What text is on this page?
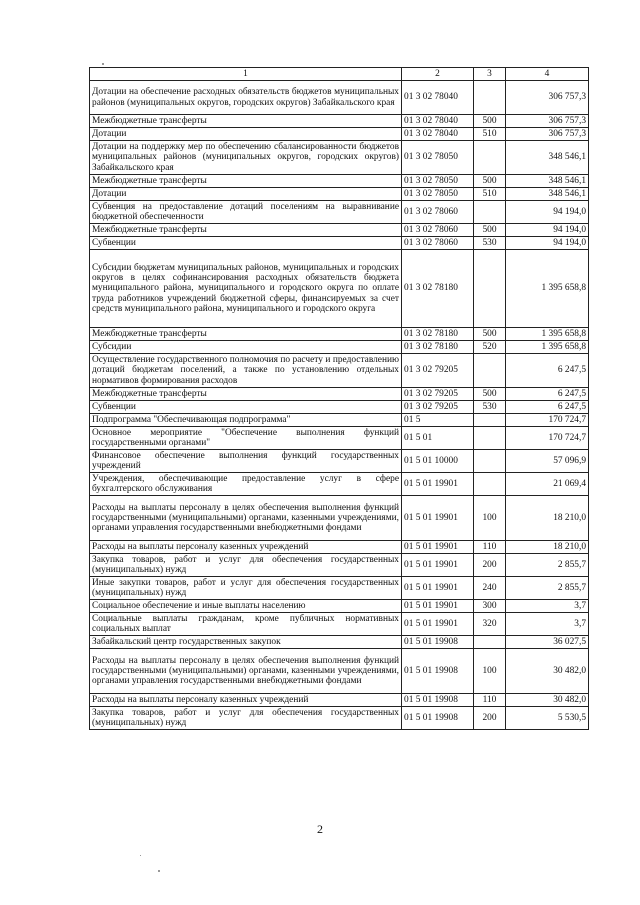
1	2	3	4
Дотации на обеспечение расходных обязательств бюджетов муниципальных районов (муниципальных округов, городских округов) Забайкальского края	01 3 02 78040		306 757,3
Межбюджетные трансферты	01 3 02 78040	500	306 757,3
Дотации	01 3 02 78040	510	306 757,3
Дотации на поддержку мер по обеспечению сбалансированности бюджетов муниципальных районов (муниципальных округов, городских округов) Забайкальского края	01 3 02 78050		348 546,1
Межбюджетные трансферты	01 3 02 78050	500	348 546,1
Дотации	01 3 02 78050	510	348 546,1
Субвенция на предоставление дотаций поселениям на выравнивание бюджетной обеспеченности	01 3 02 78060		94 194,0
Межбюджетные трансферты	01 3 02 78060	500	94 194,0
Субвенции	01 3 02 78060	530	94 194,0
Субсидии бюджетам муниципальных районов, муниципальных и городских округов в целях софинансирования расходных обязательств бюджета муниципального района, муниципального и городского округа по оплате труда работников учреждений бюджетной сферы, финансируемых за счет средств муниципального района, муниципального и городского округа	01 3 02 78180		1 395 658,8
Межбюджетные трансферты	01 3 02 78180	500	1 395 658,8
Субсидии	01 3 02 78180	520	1 395 658,8
Осуществление государственного полномочия по расчету и предоставлению дотаций бюджетам поселений, а также по установлению отдельных нормативов формирования расходов	01 3 02 79205		6 247,5
Межбюджетные трансферты	01 3 02 79205	500	6 247,5
Субвенции	01 3 02 79205	530	6 247,5
Подпрограмма "Обеспечивающая подпрограмма"	01 5		170 724,7
Основное мероприятие "Обеспечение выполнения функций государственными органами"	01 5 01		170 724,7
Финансовое обеспечение выполнения функций государственных учреждений	01 5 01 10000		57 096,9
Учреждения, обеспечивающие предоставление услуг в сфере бухгалтерского обслуживания	01 5 01 19901		21 069,4
Расходы на выплаты персоналу в целях обеспечения выполнения функций государственными (муниципальными) органами, казенными учреждениями, органами управления государственными внебюджетными фондами	01 5 01 19901	100	18 210,0
Расходы на выплаты персоналу казенных учреждений	01 5 01 19901	110	18 210,0
Закупка товаров, работ и услуг для обеспечения государственных (муниципальных) нужд	01 5 01 19901	200	2 855,7
Иные закупки товаров, работ и услуг для обеспечения государственных (муниципальных) нужд	01 5 01 19901	240	2 855,7
Социальное обеспечение и иные выплаты населению	01 5 01 19901	300	3,7
Социальные выплаты гражданам, кроме публичных нормативных социальных выплат	01 5 01 19901	320	3,7
Забайкальский центр государственных закупок	01 5 01 19908		36 027,5
Расходы на выплаты персоналу в целях обеспечения выполнения функций государственными (муниципальными) органами, казенными учреждениями, органами управления государственными внебюджетными фондами	01 5 01 19908	100	30 482,0
Расходы на выплаты персоналу казенных учреждений	01 5 01 19908	110	30 482,0
Закупка товаров, работ и услуг для обеспечения государственных (муниципальных) нужд	01 5 01 19908	200	5 530,5
2
